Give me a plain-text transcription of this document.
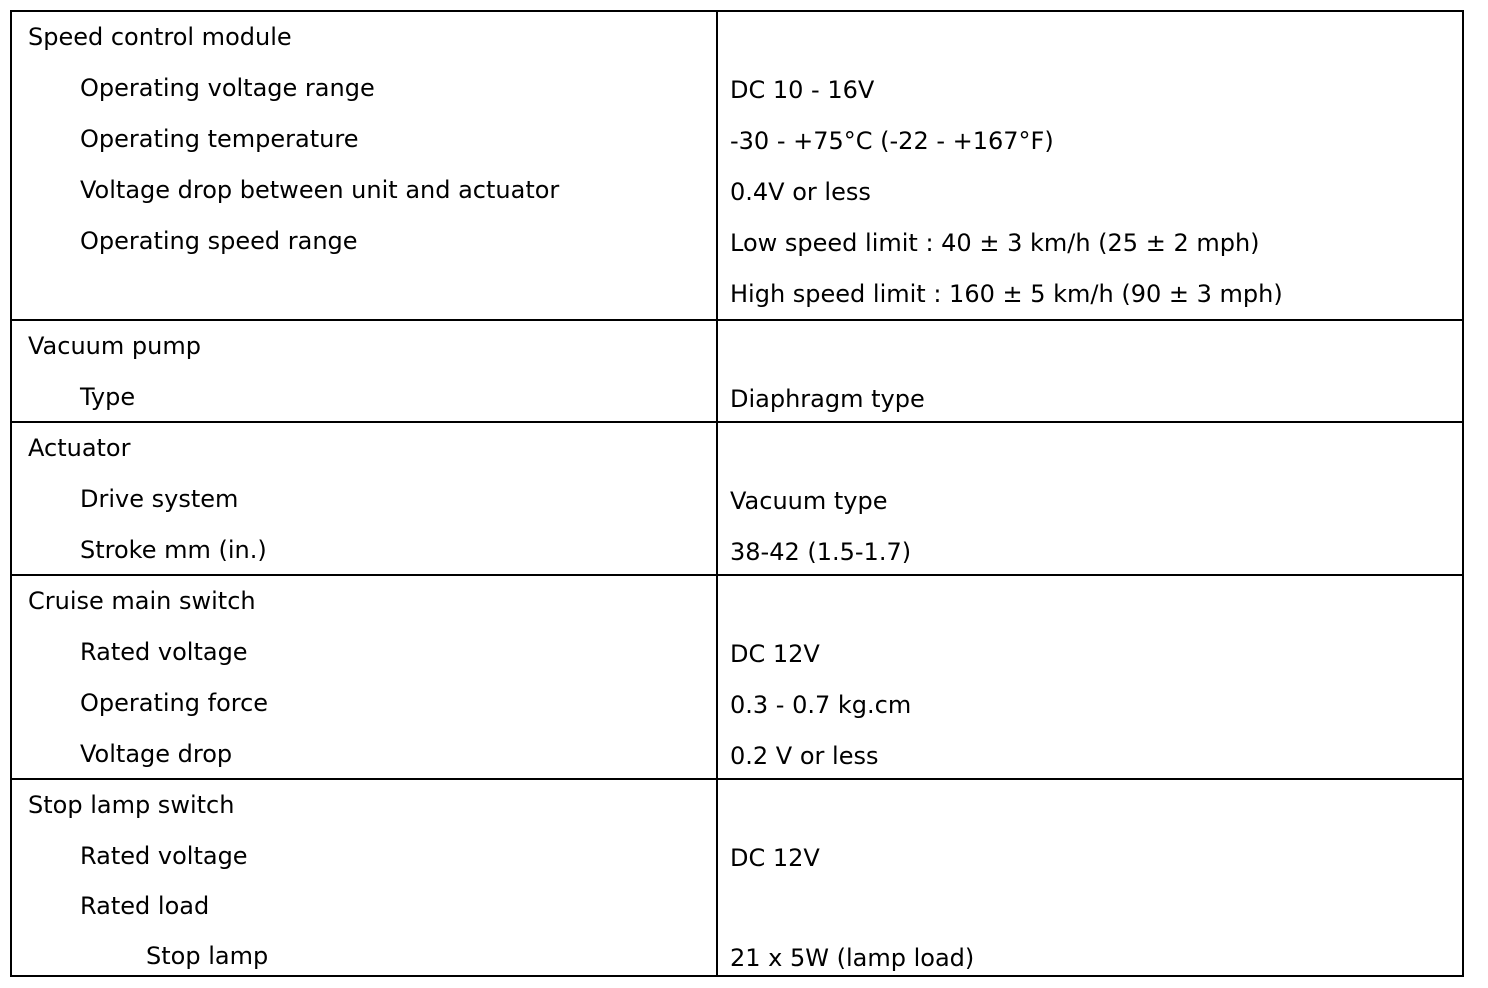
Speed control module
Operating voltage range	DC 10 - 16V
Operating temperature	-30 - +75°C (-22 - +167°F)
Voltage drop between unit and actuator	0.4V or less
Operating speed range	Low speed limit : 40 ± 3 km/h (25 ± 2 mph)
High speed limit : 160 ± 5 km/h (90 ± 3 mph)
Vacuum pump
Type	Diaphragm type
Actuator
Drive system	Vacuum type
Stroke mm (in.)	38-42 (1.5-1.7)
Cruise main switch
Rated voltage	DC 12V
Operating force	0.3 - 0.7 kg.cm
Voltage drop	0.2 V or less
Stop lamp switch
Rated voltage	DC 12V
Rated load
Stop lamp	21 x 5W (lamp load)
